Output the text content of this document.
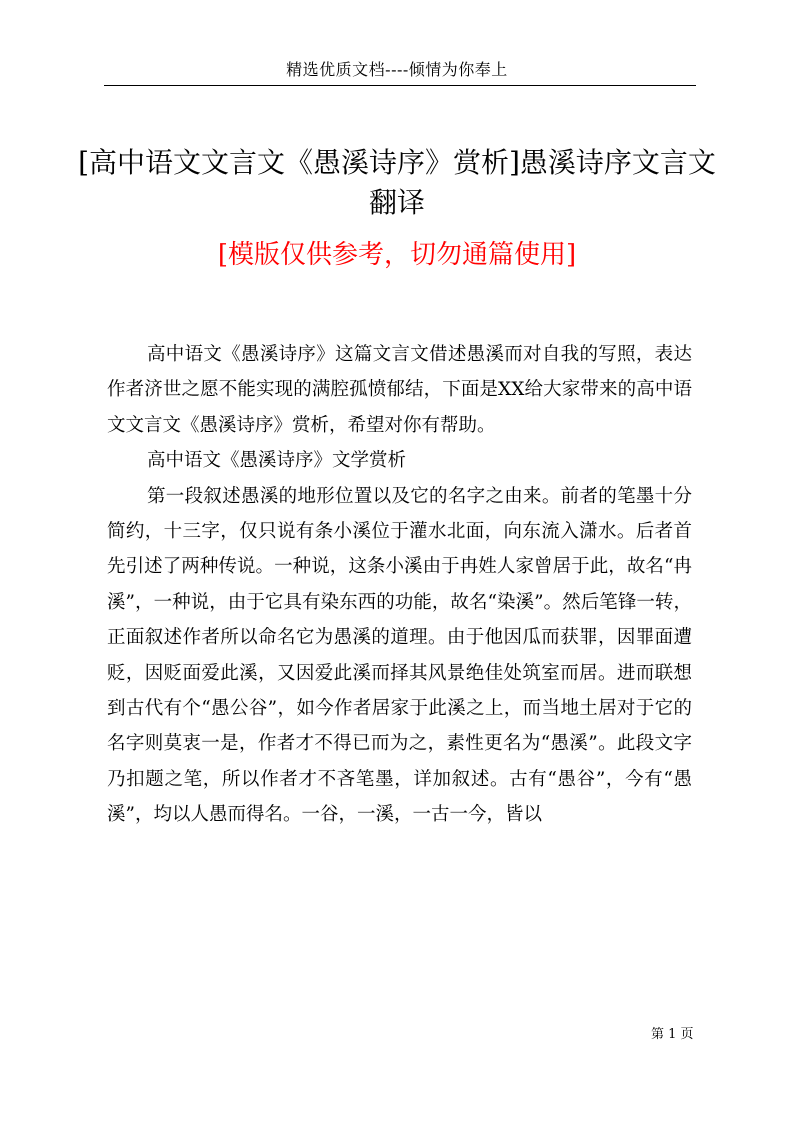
精选优质文档----倾情为你奉上
[高中语文文言文《愚溪诗序》赏析]愚溪诗序文言文翻译
[模版仅供参考，切勿通篇使用]

高中语文《愚溪诗序》这篇文言文借述愚溪而对自我的写照，表达作者济世之愿不能实现的满腔孤愤郁结，下面是XX给大家带来的高中语文文言文《愚溪诗序》赏析，希望对你有帮助。

高中语文《愚溪诗序》文学赏析

第一段叙述愚溪的地形位置以及它的名字之由来。前者的笔墨十分简约，十三字，仅只说有条小溪位于灌水北面，向东流入潇水。后者首先引述了两种传说。一种说，这条小溪由于冉姓人家曾居于此，故名“冉溪”，一种说，由于它具有染东西的功能，故名“染溪”。然后笔锋一转，正面叙述作者所以命名它为愚溪的道理。由于他因瓜而获罪，因罪面遭贬，因贬面爱此溪，又因爱此溪而择其风景绝佳处筑室而居。进而联想到古代有个“愚公谷”，如今作者居家于此溪之上，而当地土居对于它的名字则莫衷一是，作者才不得已而为之，素性更名为“愚溪”。此段文字乃扣题之笔，所以作者才不吝笔墨，详加叙述。古有“愚谷”，今有“愚溪”，均以人愚而得名。一谷，一溪，一古一今，皆以

第 1 页
